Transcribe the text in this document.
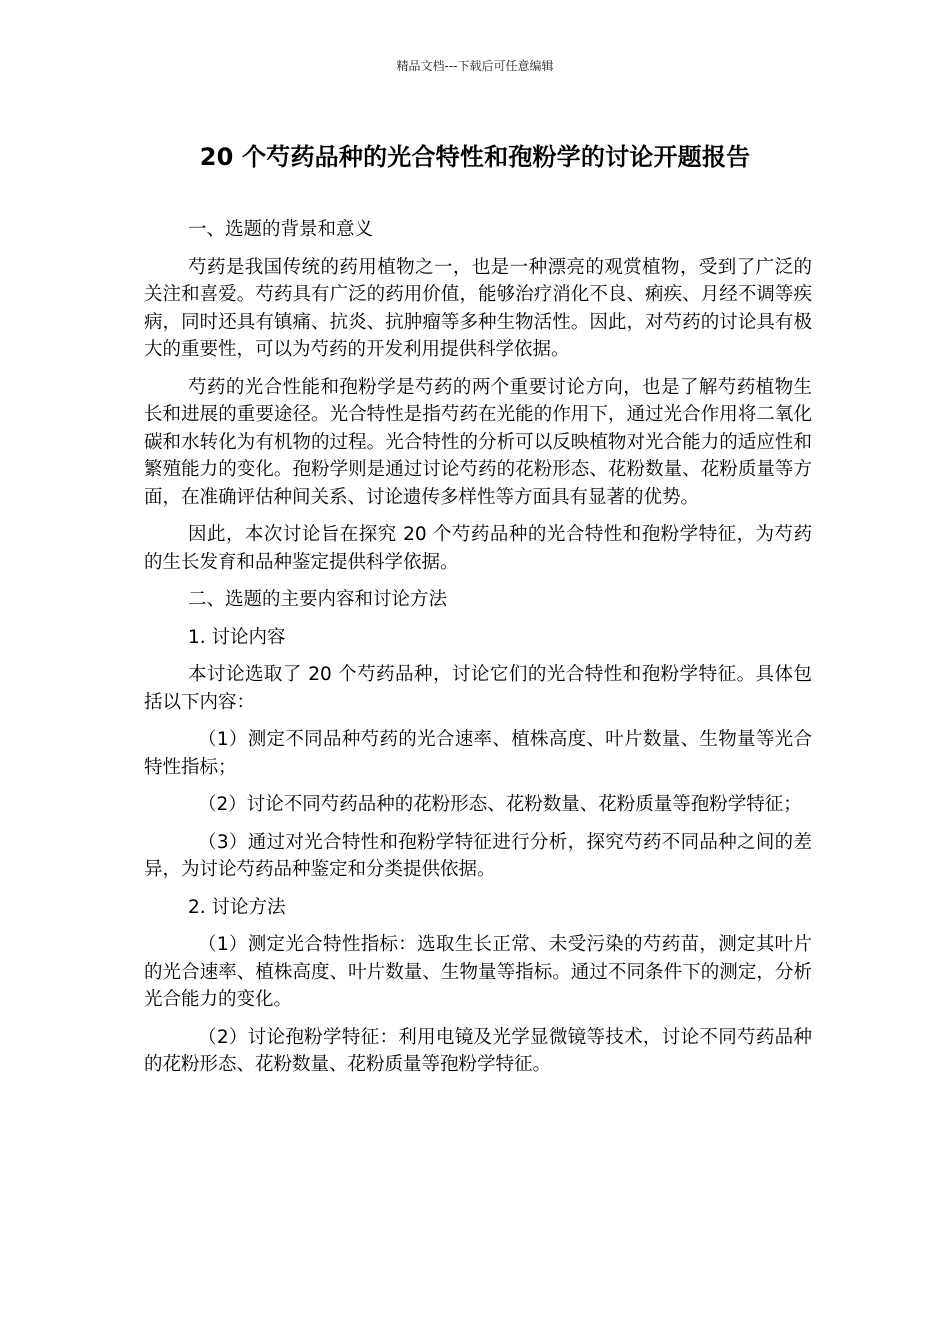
精品文档---下载后可任意编辑
20 个芍药品种的光合特性和孢粉学的讨论开题报告

一、选题的背景和意义

芍药是我国传统的药用植物之一，也是一种漂亮的观赏植物，受到了广泛的关注和喜爱。芍药具有广泛的药用价值，能够治疗消化不良、痢疾、月经不调等疾病，同时还具有镇痛、抗炎、抗肿瘤等多种生物活性。因此，对芍药的讨论具有极大的重要性，可以为芍药的开发利用提供科学依据。

芍药的光合性能和孢粉学是芍药的两个重要讨论方向，也是了解芍药植物生长和进展的重要途径。光合特性是指芍药在光能的作用下，通过光合作用将二氧化碳和水转化为有机物的过程。光合特性的分析可以反映植物对光合能力的适应性和繁殖能力的变化。孢粉学则是通过讨论芍药的花粉形态、花粉数量、花粉质量等方面，在准确评估种间关系、讨论遗传多样性等方面具有显著的优势。

因此，本次讨论旨在探究 20 个芍药品种的光合特性和孢粉学特征，为芍药的生长发育和品种鉴定提供科学依据。

二、选题的主要内容和讨论方法

1. 讨论内容

本讨论选取了 20 个芍药品种，讨论它们的光合特性和孢粉学特征。具体包括以下内容：

（1）测定不同品种芍药的光合速率、植株高度、叶片数量、生物量等光合特性指标；

（2）讨论不同芍药品种的花粉形态、花粉数量、花粉质量等孢粉学特征；

（3）通过对光合特性和孢粉学特征进行分析，探究芍药不同品种之间的差异，为讨论芍药品种鉴定和分类提供依据。

2. 讨论方法

（1）测定光合特性指标：选取生长正常、未受污染的芍药苗，测定其叶片的光合速率、植株高度、叶片数量、生物量等指标。通过不同条件下的测定，分析光合能力的变化。

（2）讨论孢粉学特征：利用电镜及光学显微镜等技术，讨论不同芍药品种的花粉形态、花粉数量、花粉质量等孢粉学特征。
